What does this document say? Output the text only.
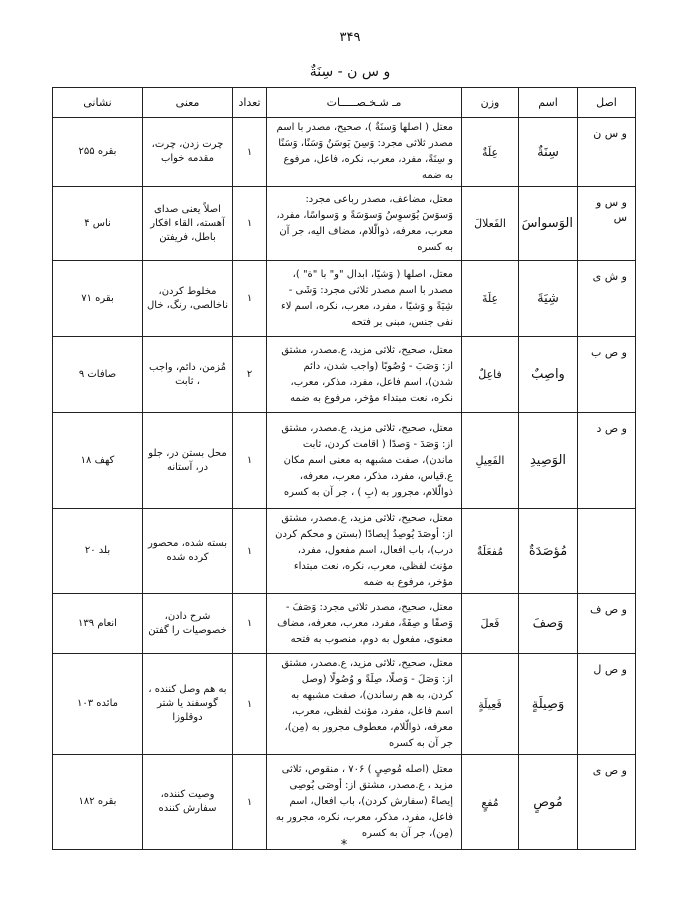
۳۴۹
و س ن - سِنَةٌ
اصل	اسم	وزن	مـ شـخـصـــــات	تعداد	معنی	نشانی
و س ن	سِنَةٌ	عِلَةٌ	معتل ( اصلها وَسنَةٌ )، صحيح، مصدر با اسم مصدر ثلاثی مجرد: وَسِنَ يَوسَنُ وَسَنًا، وَسَنًا و سِنَةً، مفرد، معرب، نكره، فاعل، مرفوع به ضمه	۱	چرت زدن، چرت، مقدمه خواب	بقره ۲۵۵
و س و س	الوَسواسَ	الفَعلالَ	معتل، مضاعف، مصدر رباعی مجرد: وَسوَسَ يُوَسوِسُ وَسوَسَةً و وَسواسًا، مفرد، معرب، معرفه، ذوالّلام، مضاف اليه، جر آن به كسره	۱	اصلاً يعنى صداى آهسته، القاء افكار باطل، فريفتن	ناس ۴
و ش ی	شِيَةَ	عِلَةَ	معتل، اصلها ( وَشيًا، ابدال "و" با "ة" )، مصدر با اسم مصدر ثلاثی مجرد: وَشَى - شِيَةً و وَشيًا ، مفرد، معرب، نكره، اسم لاء نفى جنس، مبنى بر فتحه	۱	مخلوط كردن، ناخالصى، رنگ، خال	بقره ۷۱
و ص ب	واصِبٌ	فاعِلٌ	معتل، صحيح، ثلاثى مزيد، ع.مصدر، مشتق از: وَصَبَ - وُصُوبًا (واجب شدن، دائم شدن)، اسم فاعل، مفرد، مذكر، معرب، نكره، نعت مبتداء مؤخر، مرفوع به ضمه	۲	مُزمن، دائم، واجب ، ثابت	صافات ۹
و ص د	الوَصِيدِ	الفَعِيلِ	معتل، صحيح، ثلاثى مزيد، ع.مصدر، مشتق از: وَصَدَ - وَصدًا ( اقامت كردن، ثابت ماندن)، صفت مشبهه به معنى اسم مكان ع.قياس، مفرد، مذكر، معرب، معرفه، ذوالّلام، مجرور به (بِ ) ، جر آن به كسره	۱	محل بستن در، جلو در، آستانه	كهف ۱۸
	مُؤصَدَةٌ	مُفعَلَةٌ	معتل، صحيح، ثلاثى مزيد، ع.مصدر، مشتق از: أوصَدَ يُوصِدُ إيصادًا (بستن و محكم كردن درب)، باب افعال، اسم مفعول، مفرد، مؤنث لفظى، معرب، نكره، نعت مبتداء مؤخر، مرفوع به ضمه	۱	بسته شده، محصور كرده شده	بلد ۲۰
و ص ف	وَصفَ	فَعلَ	معتل، صحيح، مصدر ثلاثى مجرد: وَصَفَ - وَصفًا و صِفَةً، مفرد، معرب، معرفه، مضاف معنوى، مفعول به دوم، منصوب به فتحه	۱	شرح دادن، خصوصيات را گفتن	انعام ۱۳۹
و ص ل	وَصِيلَةٍ	فَعِيلَةٍ	معتل، صحيح، ثلاثى مزيد، ع.مصدر، مشتق از: وَصَلَ - وَصلًا، صِلَةً و وُصُولًا (وصل كردن، به هم رساندن)، صفت مشبهه به اسم فاعل، مفرد، مؤنث لفظى، معرب، معرفه، ذوالّلام، معطوف مجرور به (مِن)، جر آن به كسره	۱	به هم وصل كننده ، گوسفند يا شتر دوقلوزا	مائده ۱۰۳
و ص ی	مُوصٍ	مُفعٍ	معتل (اصله مُوصِيٍ ) ۷۰۶ ، منقوص، ثلاثى مزيد ، ع.مصدر، مشتق از: أوصَى يُوصِى إيصاءً (سفارش كردن)، باب افعال، اسم فاعل، مفرد، مذكر، معرب، نكره، مجرور به (مِن)، جر آن به كسره	۱	وصيت كننده، سفارش كننده	بقره ۱۸۲
*
